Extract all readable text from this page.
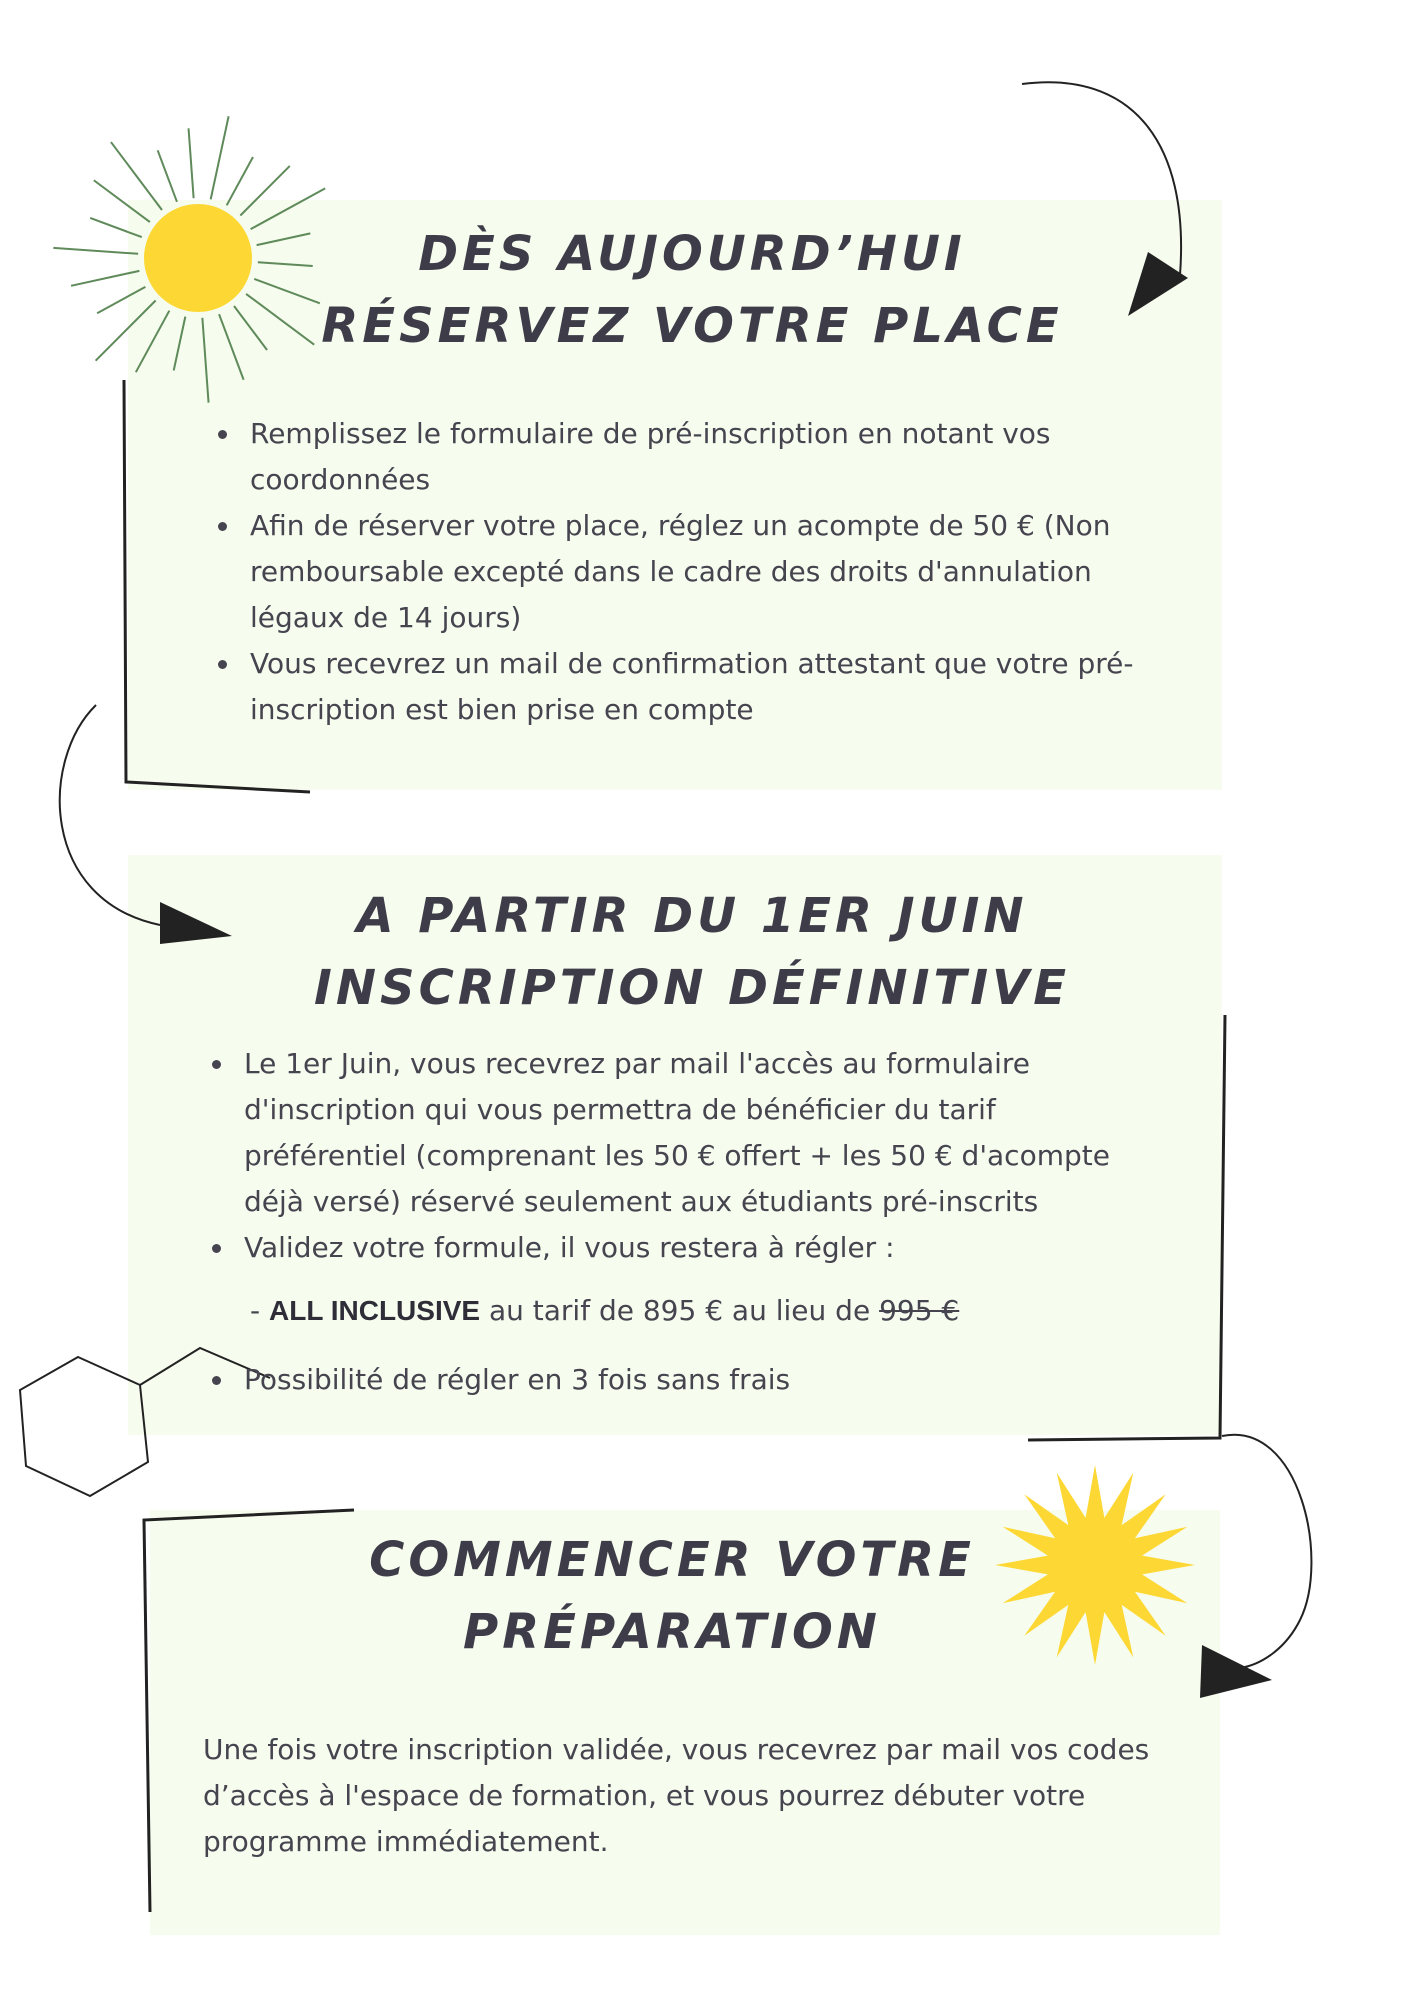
DÈS AUJOURD’HUI
RÉSERVEZ VOTRE PLACE
Remplissez le formulaire de pré-inscription en notant vos coordonnées
Afin de réserver votre place, réglez un acompte de 50 € (Non remboursable excepté dans le cadre des droits d'annulation légaux de 14 jours)
Vous recevrez un mail de confirmation attestant que votre pré-inscription est bien prise en compte
A PARTIR DU 1ER JUIN
INSCRIPTION DÉFINITIVE
Le 1er Juin, vous recevrez par mail l'accès au formulaire d'inscription qui vous permettra de bénéficier du tarif préférentiel (comprenant les 50 € offert + les 50 € d'acompte déjà versé) réservé seulement aux étudiants pré-inscrits
Validez votre formule, il vous restera à régler :
- ALL INCLUSIVE au tarif de 895 € au lieu de 995 €
Possibilité de régler en 3 fois sans frais
COMMENCER VOTRE
PRÉPARATION

Une fois votre inscription validée, vous recevrez par mail vos codes d’accès à l'espace de formation, et vous pourrez débuter votre programme immédiatement.
